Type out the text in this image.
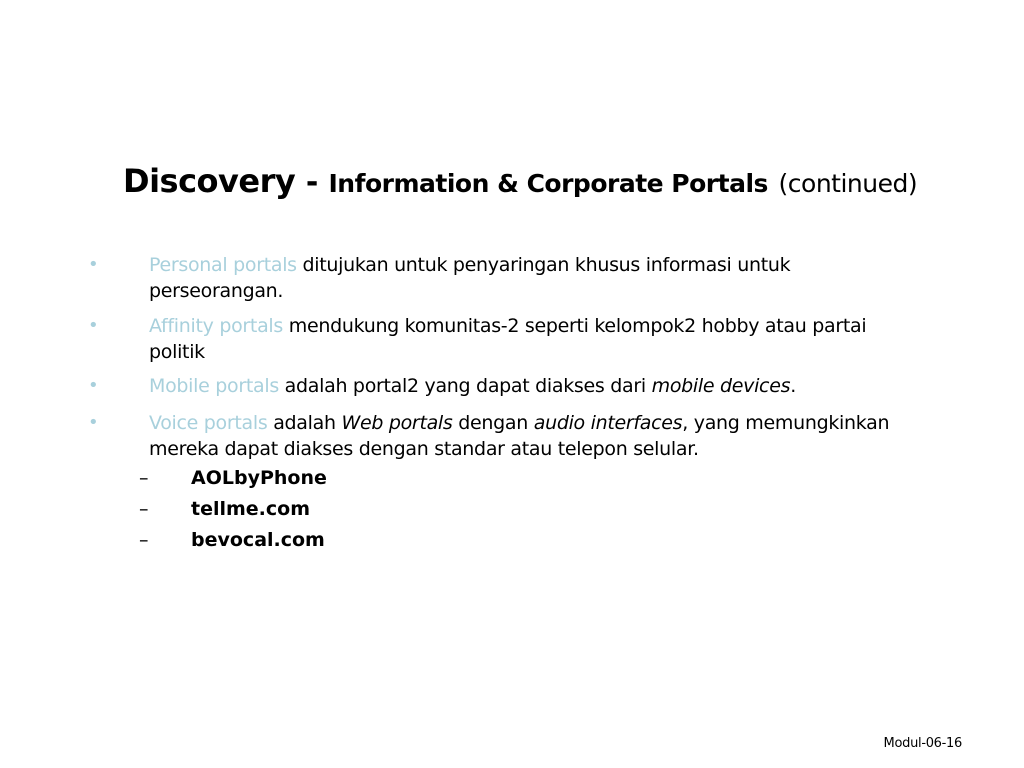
Discovery - Information & Corporate Portals (continued)
•	Personal portals ditujukan untuk penyaringan khusus informasi untuk perseorangan.
•	Affinity portals mendukung komunitas-2 seperti kelompok2 hobby atau partai politik
•	Mobile portals adalah portal2 yang dapat diakses dari mobile devices.
•	Voice portals adalah Web portals dengan audio interfaces, yang memungkinkan mereka dapat diakses dengan standar atau telepon selular.
– AOLbyPhone
– tellme.com
– bevocal.com
Modul-06-16
